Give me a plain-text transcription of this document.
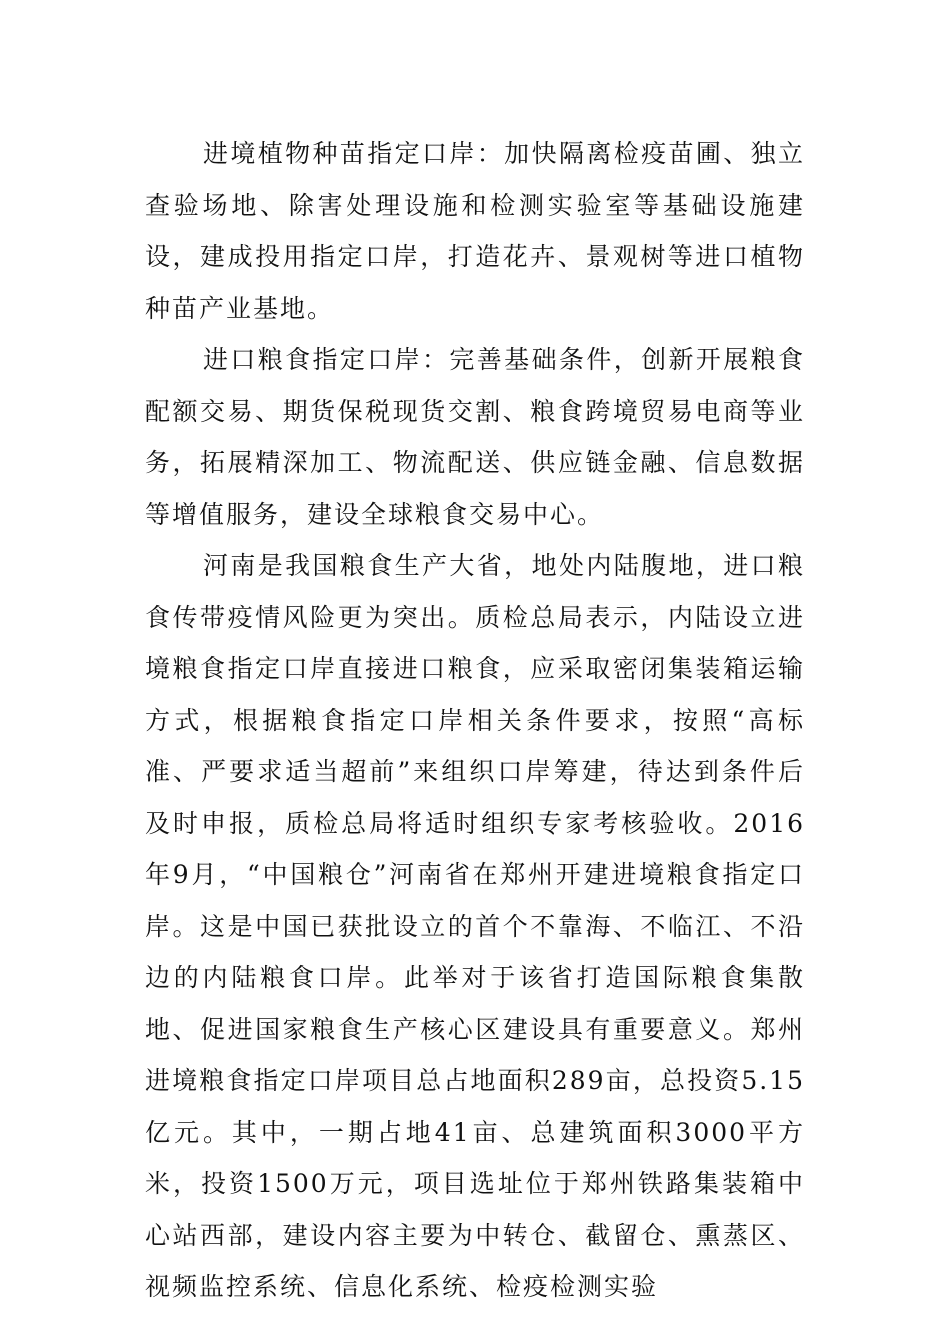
进境植物种苗指定口岸：加快隔离检疫苗圃、独立查验场地、除害处理设施和检测实验室等基础设施建设，建成投用指定口岸，打造花卉、景观树等进口植物种苗产业基地。

进口粮食指定口岸：完善基础条件，创新开展粮食配额交易、期货保税现货交割、粮食跨境贸易电商等业务，拓展精深加工、物流配送、供应链金融、信息数据等增值服务，建设全球粮食交易中心。

河南是我国粮食生产大省，地处内陆腹地，进口粮食传带疫情风险更为突出。质检总局表示，内陆设立进境粮食指定口岸直接进口粮食，应采取密闭集装箱运输方式，根据粮食指定口岸相关条件要求，按照“高标准、严要求适当超前”来组织口岸筹建，待达到条件后及时申报，质检总局将适时组织专家考核验收。2016年9月，“中国粮仓”河南省在郑州开建进境粮食指定口岸。这是中国已获批设立的首个不靠海、不临江、不沿边的内陆粮食口岸。此举对于该省打造国际粮食集散地、促进国家粮食生产核心区建设具有重要意义。郑州进境粮食指定口岸项目总占地面积289亩，总投资5.15亿元。其中，一期占地41亩、总建筑面积3000平方米，投资1500万元，项目选址位于郑州铁路集装箱中心站西部，建设内容主要为中转仓、截留仓、熏蒸区、视频监控系统、信息化系统、检疫检测实验
